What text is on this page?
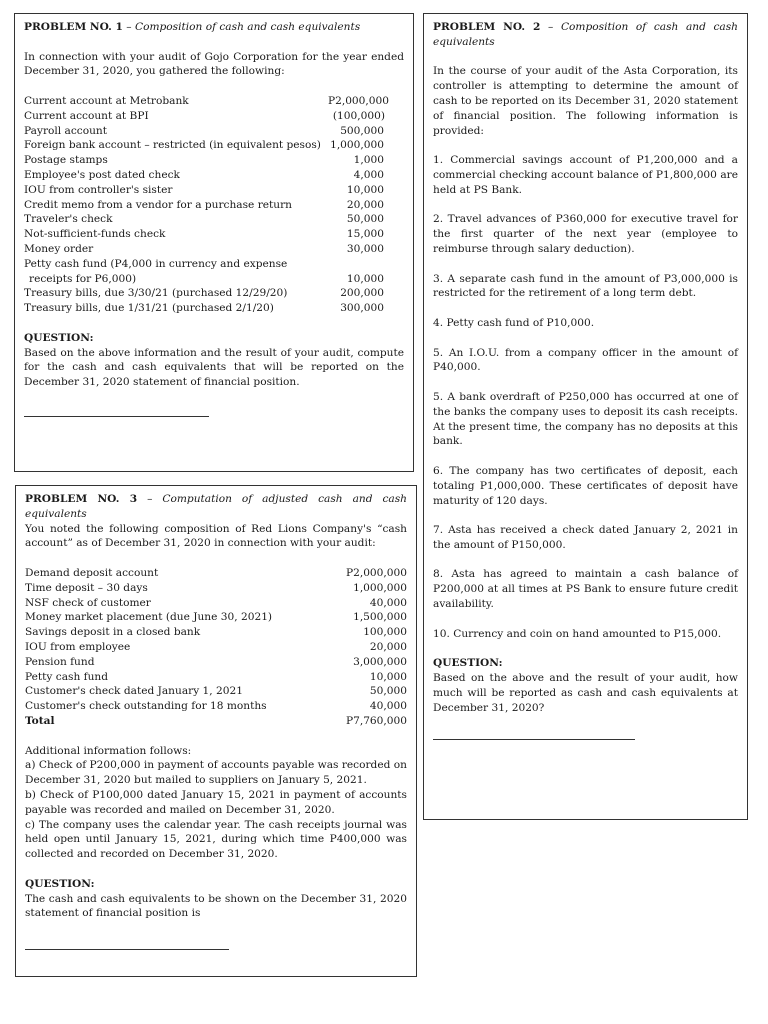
PROBLEM NO. 1 – Composition of cash and cash equivalents

In connection with your audit of Gojo Corporation for the year ended December 31, 2020, you gathered the following:

Current account at Metrobank	P2,000,000
Current account at BPI	(100,000)
Payroll account	500,000
Foreign bank account – restricted (in equivalent pesos) 1,000,000
Postage stamps	1,000
Employee's post dated check	4,000
IOU from controller's sister	10,000
Credit memo from a vendor for a purchase return	20,000
Traveler's check	50,000
Not-sufficient-funds check	15,000
Money order	30,000
Petty cash fund (P4,000 in currency and expense
receipts for P6,000)	10,000
Treasury bills, due 3/30/21 (purchased 12/29/20)	200,000
Treasury bills, due 1/31/21 (purchased 2/1/20)	300,000
QUESTION:

Based on the above information and the result of your audit, compute for the cash and cash equivalents that will be reported on the December 31, 2020 statement of financial position.

PROBLEM NO. 2 – Composition of cash and cash equivalents

In the course of your audit of the Asta Corporation, its controller is attempting to determine the amount of cash to be reported on its December 31, 2020 statement of financial position. The following information is provided:

1. Commercial savings account of P1,200,000 and a commercial checking account balance of P1,800,000 are held at PS Bank.

2. Travel advances of P360,000 for executive travel for the first quarter of the next year (employee to reimburse through salary deduction).

3. A separate cash fund in the amount of P3,000,000 is restricted for the retirement of a long term debt.

4. Petty cash fund of P10,000.

5. An I.O.U. from a company officer in the amount of P40,000.

5. A bank overdraft of P250,000 has occurred at one of the banks the company uses to deposit its cash receipts. At the present time, the company has no deposits at this bank.

6. The company has two certificates of deposit, each totaling P1,000,000. These certificates of deposit have maturity of 120 days.

7. Asta has received a check dated January 2, 2021 in the amount of P150,000.

8. Asta has agreed to maintain a cash balance of P200,000 at all times at PS Bank to ensure future credit availability.

10. Currency and coin on hand amounted to P15,000.

QUESTION:

Based on the above and the result of your audit, how much will be reported as cash and cash equivalents at December 31, 2020?

PROBLEM NO. 3 – Computation of adjusted cash and cash equivalents

You noted the following composition of Red Lions Company's “cash account” as of December 31, 2020 in connection with your audit:

Demand deposit account	P2,000,000
Time deposit – 30 days	1,000,000
NSF check of customer	40,000
Money market placement (due June 30, 2021)	1,500,000
Savings deposit in a closed bank	100,000
IOU from employee	20,000
Pension fund	3,000,000
Petty cash fund	10,000
Customer's check dated January 1, 2021	50,000
Customer's check outstanding for 18 months	40,000
Total	P7,760,000
Additional information follows:

a) Check of P200,000 in payment of accounts payable was recorded on December 31, 2020 but mailed to suppliers on January 5, 2021.

b) Check of P100,000 dated January 15, 2021 in payment of accounts payable was recorded and mailed on December 31, 2020.

c) The company uses the calendar year. The cash receipts journal was held open until January 15, 2021, during which time P400,000 was collected and recorded on December 31, 2020.

QUESTION:

The cash and cash equivalents to be shown on the December 31, 2020 statement of financial position is
